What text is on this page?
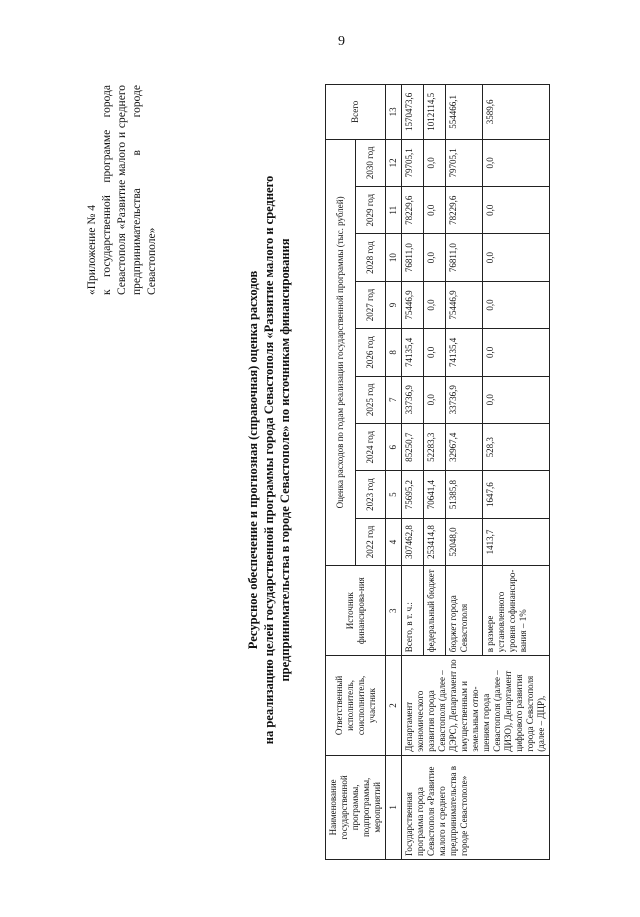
9
«Приложение № 4 к государственной программе города Севастополя «Развитие малого и среднего предпринимательства в городе Севастополе»
Ресурсное обеспечение и прогнозная (справочная) оценка расходов на реализацию целей государственной программы города Севастополя «Развитие малого и среднего предпринимательства в городе Севастополе» по источникам финансирования
Наименование государственной программы, подпрограммы, мероприятий	Ответственный исполнитель, соисполнитель, участник	Источник финансирова-ния	Оценка расходов по годам реализации государственной программы (тыс. рублей)									Всего
			2022 год	2023 год	2024 год	2025 год	2026 год	2027 год	2028 год	2029 год	2030 год	
1	2	3	4	5	6	7	8	9	10	11	12	13
Государственная программа города Севастополя «Развитие малого и среднего предпринимательства в городе Севастополе»	Департамент экономического развития города Севастополя (далее – ДЭРС), Департамент по имущественным и земельным отно-шениям города Севастополя (далее – ДИЗО), Департамент цифрового развития города Севастополя (далее – ДЦР),	Всего, в т. ч.:	307462,8	75695,2	85250,7	33736,9	74135,4	75446,9	76811,0	78229,6	79705,1	1570473,6
		федеральный бюджет	253414,8	70641,4	52283,3	0,0	0,0	0,0	0,0	0,0	0,0	1012114,5
		бюджет города Севастополя	52048,0	51385,8	32967,4	33736,9	74135,4	75446,9	76811,0	78229,6	79705,1	554466,1
		в размере установленного уровня софинансиро-вания – 1%	1413,7	1647,6	528,3	0,0	0,0	0,0	0,0	0,0	0,0	3589,6
